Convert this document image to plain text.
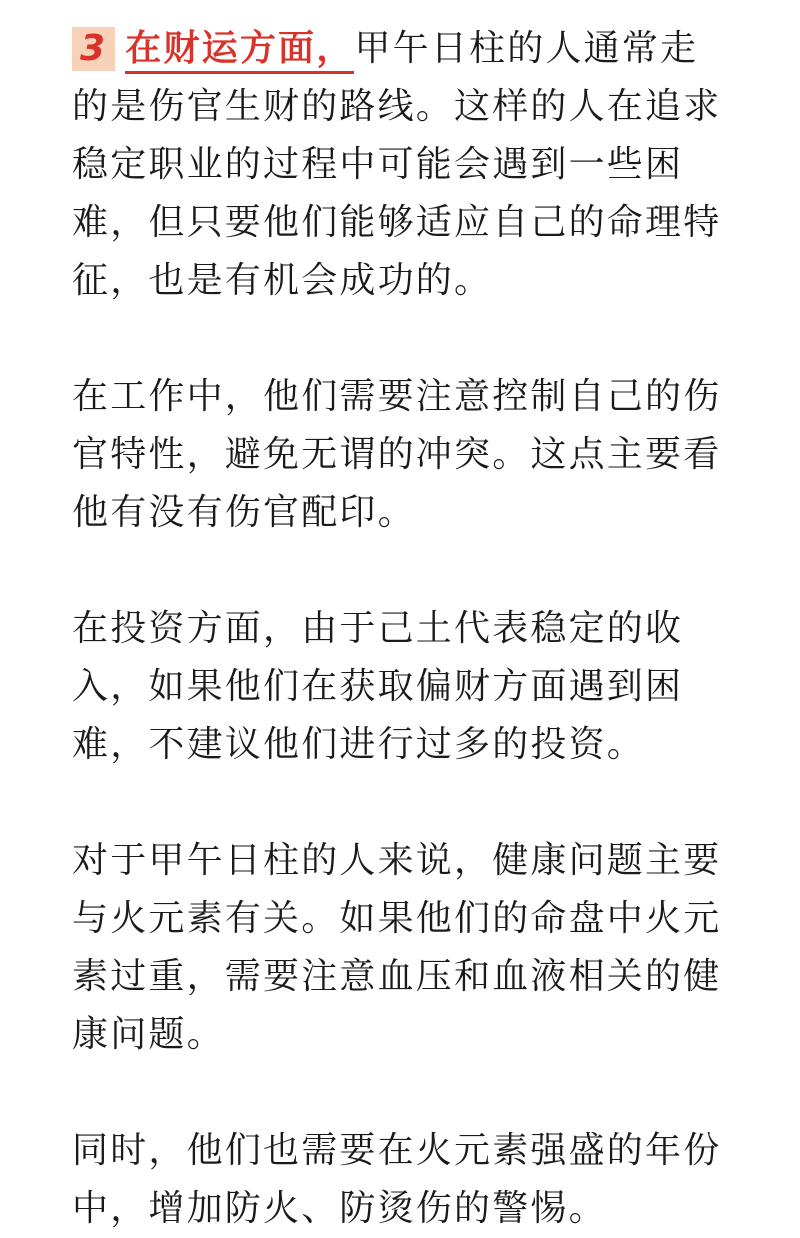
3 在财运方面，甲午日柱的人通常走的是伤官生财的路线。这样的人在追求稳定职业的过程中可能会遇到一些困难，但只要他们能够适应自己的命理特征，也是有机会成功的。

在工作中，他们需要注意控制自己的伤官特性，避免无谓的冲突。这点主要看他有没有伤官配印。

在投资方面，由于己土代表稳定的收入，如果他们在获取偏财方面遇到困难，不建议他们进行过多的投资。

对于甲午日柱的人来说，健康问题主要与火元素有关。如果他们的命盘中火元素过重，需要注意血压和血液相关的健康问题。

同时，他们也需要在火元素强盛的年份中，增加防火、防烫伤的警惕。
